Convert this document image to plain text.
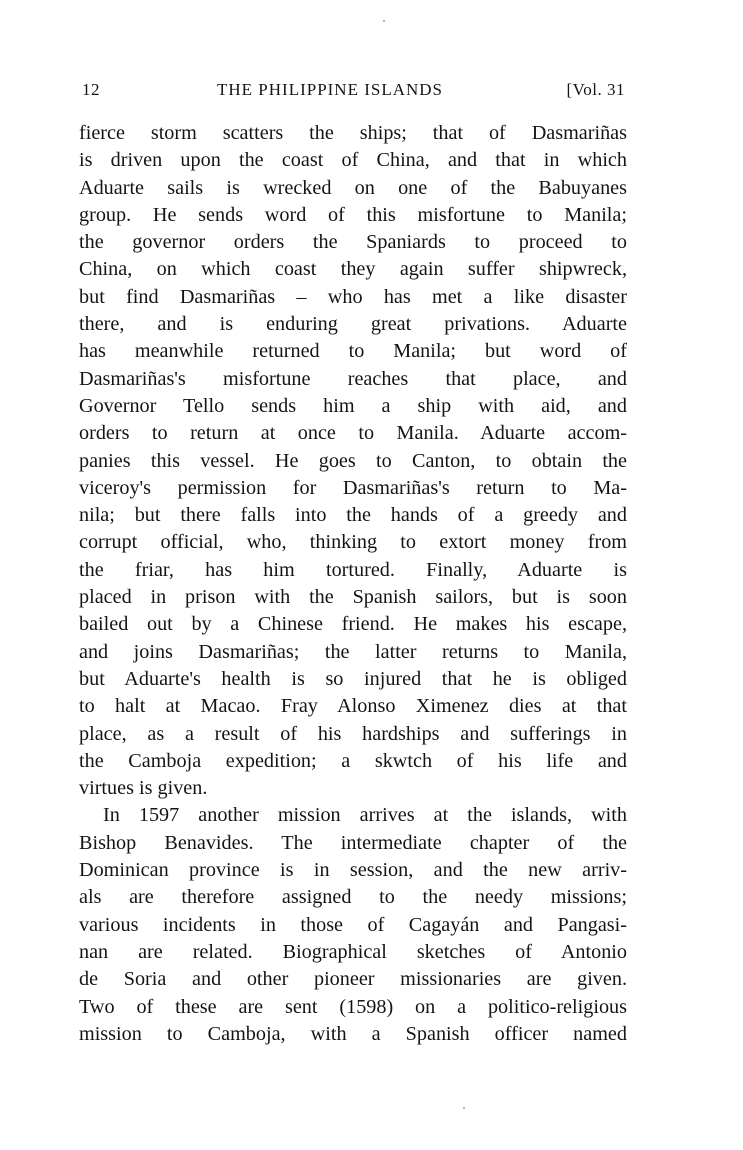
12	THE PHILIPPINE ISLANDS	[Vol. 31
fierce storm scatters the ships; that of Dasmariñas
is driven upon the coast of China, and that in which
Aduarte sails is wrecked on one of the Babuyanes
group. He sends word of this misfortune to Manila;
the governor orders the Spaniards to proceed to
China, on which coast they again suffer shipwreck,
but find Dasmariñas – who has met a like disaster
there, and is enduring great privations. Aduarte
has meanwhile returned to Manila; but word of
Dasmariñas's misfortune reaches that place, and
Governor Tello sends him a ship with aid, and
orders to return at once to Manila. Aduarte accom-
panies this vessel. He goes to Canton, to obtain the
viceroy's permission for Dasmariñas's return to Ma-
nila; but there falls into the hands of a greedy and
corrupt official, who, thinking to extort money from
the friar, has him tortured. Finally, Aduarte is
placed in prison with the Spanish sailors, but is soon
bailed out by a Chinese friend. He makes his escape,
and joins Dasmariñas; the latter returns to Manila,
but Aduarte's health is so injured that he is obliged
to halt at Macao. Fray Alonso Ximenez dies at that
place, as a result of his hardships and sufferings in
the Camboja expedition; a skwtch of his life and
virtues is given.
In 1597 another mission arrives at the islands, with
Bishop Benavides. The intermediate chapter of the
Dominican province is in session, and the new arriv-
als are therefore assigned to the needy missions;
various incidents in those of Cagayán and Pangasi-
nan are related. Biographical sketches of Antonio
de Soria and other pioneer missionaries are given.
Two of these are sent (1598) on a politico-religious
mission to Camboja, with a Spanish officer named
